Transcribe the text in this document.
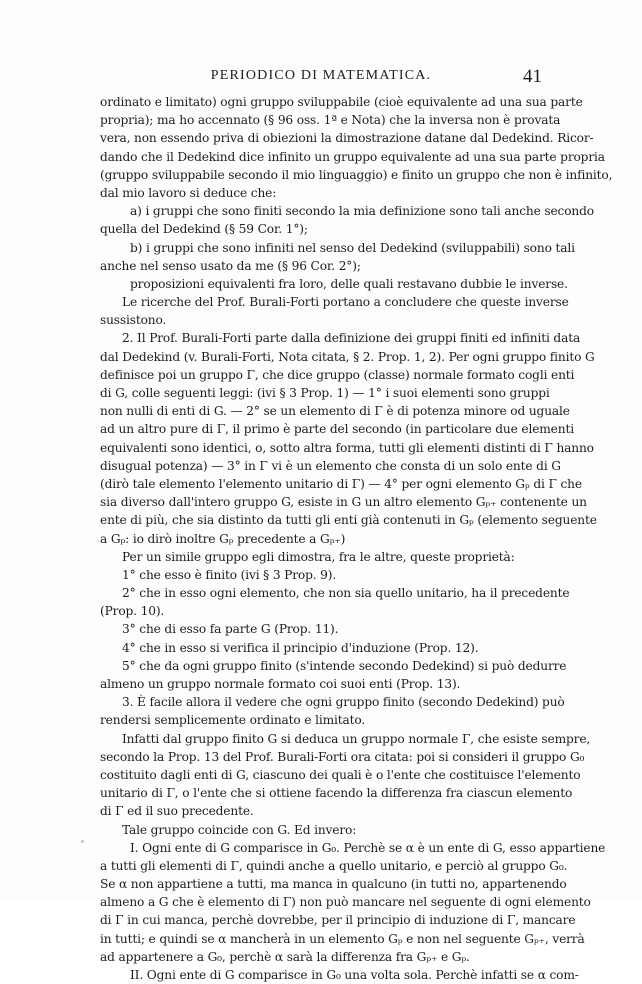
PERIODICO DI MATEMATICA.	41
ordinato e limitato) ogni gruppo sviluppabile (cioè equivalente ad una sua parte
propria); ma ho accennato (§ 96 oss. 1ª e Nota) che la inversa non è provata
vera, non essendo priva di obiezioni la dimostrazione datane dal Dedekind. Ricor-
dando che il Dedekind dice infinito un gruppo equivalente ad una sua parte propria
(gruppo sviluppabile secondo il mio linguaggio) e finito un gruppo che non è infinito,
dal mio lavoro si deduce che:
a) i gruppi che sono finiti secondo la mia definizione sono tali anche secondo
quella del Dedekind (§ 59 Cor. 1°);
b) i gruppi che sono infiniti nel senso del Dedekind (sviluppabili) sono tali
anche nel senso usato da me (§ 96 Cor. 2°);
proposizioni equivalenti fra loro, delle quali restavano dubbie le inverse.
Le ricerche del Prof. Burali-Forti portano a concludere che queste inverse
sussistono.
2. Il Prof. Burali-Forti parte dalla definizione dei gruppi finiti ed infiniti data
dal Dedekind (v. Burali-Forti, Nota citata, § 2. Prop. 1, 2). Per ogni gruppo finito G
definisce poi un gruppo Γ, che dice gruppo (classe) normale formato cogli enti
di G, colle seguenti leggi: (ivi § 3 Prop. 1) — 1° i suoi elementi sono gruppi
non nulli di enti di G. — 2° se un elemento di Γ è di potenza minore od uguale
ad un altro pure di Γ, il primo è parte del secondo (in particolare due elementi
equivalenti sono identici, o, sotto altra forma, tutti gli elementi distinti di Γ hanno
disugual potenza) — 3° in Γ vi è un elemento che consta di un solo ente di G
(dirò tale elemento l'elemento unitario di Γ) — 4° per ogni elemento Gₚ di Γ che
sia diverso dall'intero gruppo G, esiste in G un altro elemento Gₚ₊ contenente un
ente di più, che sia distinto da tutti gli enti già contenuti in Gₚ (elemento seguente
a Gₚ: io dirò inoltre Gₚ precedente a Gₚ₊)
Per un simile gruppo egli dimostra, fra le altre, queste proprietà:
1° che esso è finito (ivi § 3 Prop. 9).
2° che in esso ogni elemento, che non sia quello unitario, ha il precedente
(Prop. 10).
3° che di esso fa parte G (Prop. 11).
4° che in esso si verifica il principio d'induzione (Prop. 12).
5° che da ogni gruppo finito (s'intende secondo Dedekind) si può dedurre
almeno un gruppo normale formato coi suoi enti (Prop. 13).
3. È facile allora il vedere che ogni gruppo finito (secondo Dedekind) può
rendersi semplicemente ordinato e limitato.
Infatti dal gruppo finito G si deduca un gruppo normale Γ, che esiste sempre,
secondo la Prop. 13 del Prof. Burali-Forti ora citata: poi si consideri il gruppo G₀
costituito dagli enti di G, ciascuno dei quali è o l'ente che costituisce l'elemento
unitario di Γ, o l'ente che si ottiene facendo la differenza fra ciascun elemento
di Γ ed il suo precedente.
Tale gruppo coincide con G. Ed invero:
I. Ogni ente di G comparisce in G₀. Perchè se α è un ente di G, esso appartiene
a tutti gli elementi di Γ, quindi anche a quello unitario, e perciò al gruppo G₀.
Se α non appartiene a tutti, ma manca in qualcuno (in tutti no, appartenendo
almeno a G che è elemento di Γ) non può mancare nel seguente di ogni elemento
di Γ in cui manca, perchè dovrebbe, per il principio di induzione di Γ, mancare
in tutti; e quindi se α mancherà in un elemento Gₚ e non nel seguente Gₚ₊, verrà
ad appartenere a G₀, perchè α sarà la differenza fra Gₚ₊ e Gₚ.
II. Ogni ente di G comparisce in G₀ una volta sola. Perchè infatti se α com-
